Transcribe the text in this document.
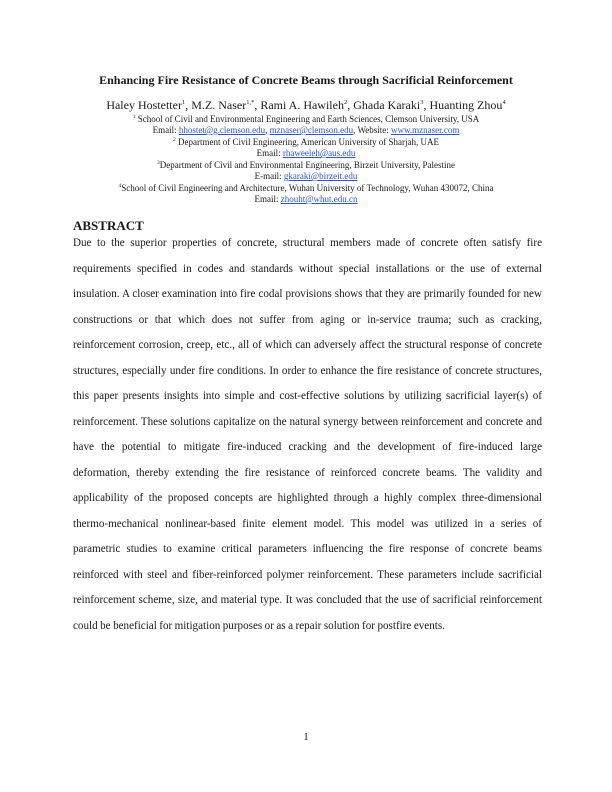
Enhancing Fire Resistance of Concrete Beams through Sacrificial Reinforcement
Haley Hostetter$^1$, M.Z. Naser$^{1,*}$, Rami A. Hawileh$^2$, Ghada Karaki$^3$, Huanting Zhou$^4$
$^1$ School of Civil and Environmental Engineering and Earth Sciences, Clemson University, USA
Email: hhostet@g.clemson.edu, mznaser@clemson.edu, Website: www.mznaser.com
$^2$ Department of Civil Engineering, American University of Sharjah, UAE
Email: rhaweeleh@aus.edu
$^3$Department of Civil and Environmental Engineering, Birzeit University, Palestine
E-mail: gkaraki@birzeit.edu
$^4$School of Civil Engineering and Architecture, Wuhan University of Technology, Wuhan 430072, China
Email: zhouht@whut.edu.cn
ABSTRACT

Due to the superior properties of concrete, structural members made of concrete often satisfy fire requirements specified in codes and standards without special installations or the use of external insulation. A closer examination into fire codal provisions shows that they are primarily founded for new constructions or that which does not suffer from aging or in-service trauma; such as cracking, reinforcement corrosion, creep, etc., all of which can adversely affect the structural response of concrete structures, especially under fire conditions. In order to enhance the fire resistance of concrete structures, this paper presents insights into simple and cost-effective solutions by utilizing sacrificial layer(s) of reinforcement. These solutions capitalize on the natural synergy between reinforcement and concrete and have the potential to mitigate fire-induced cracking and the development of fire-induced large deformation, thereby extending the fire resistance of reinforced concrete beams. The validity and applicability of the proposed concepts are highlighted through a highly complex three-dimensional thermo-mechanical nonlinear-based finite element model. This model was utilized in a series of parametric studies to examine critical parameters influencing the fire response of concrete beams reinforced with steel and fiber-reinforced polymer reinforcement. These parameters include sacrificial reinforcement scheme, size, and material type. It was concluded that the use of sacrificial reinforcement could be beneficial for mitigation purposes or as a repair solution for postfire events.

1
